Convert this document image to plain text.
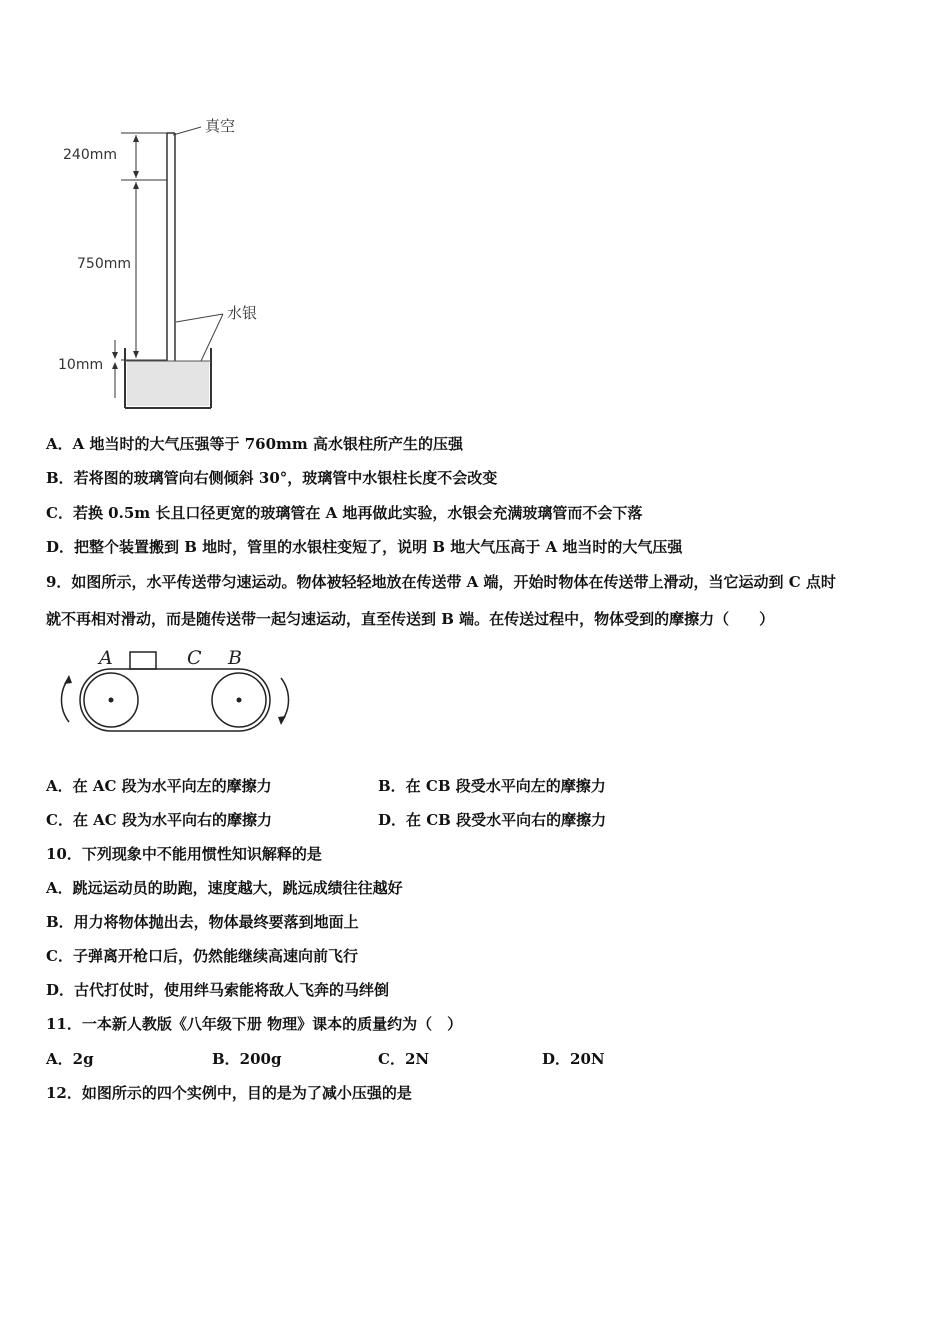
真空
240mm
750mm
水银
10mm
A．A 地当时的大气压强等于 760mm 高水银柱所产生的压强
B．若将图的玻璃管向右侧倾斜 30°，玻璃管中水银柱长度不会改变
C．若换 0.5m 长且口径更宽的玻璃管在 A 地再做此实验，水银会充满玻璃管而不会下落
D．把整个装置搬到 B 地时，管里的水银柱变短了，说明 B 地大气压高于 A 地当时的大气压强
9．如图所示，水平传送带匀速运动。物体被轻轻地放在传送带 A 端，开始时物体在传送带上滑动，当它运动到 C 点时
就不再相对滑动，而是随传送带一起匀速运动，直至传送到 B 端。在传送过程中，物体受到的摩擦力（　　）
A	C B
A．在 AC 段为水平向左的摩擦力	B．在 CB 段受水平向左的摩擦力
C．在 AC 段为水平向右的摩擦力	D．在 CB 段受水平向右的摩擦力
10．下列现象中不能用惯性知识解释的是
A．跳远运动员的助跑，速度越大，跳远成绩往往越好
B．用力将物体抛出去，物体最终要落到地面上
C．子弹离开枪口后，仍然能继续高速向前飞行
D．古代打仗时，使用绊马索能将敌人飞奔的马绊倒
11．一本新人教版《八年级下册 物理》课本的质量约为（　）
A．2g	B．200g	C．2N	D．20N
12．如图所示的四个实例中，目的是为了减小压强的是
